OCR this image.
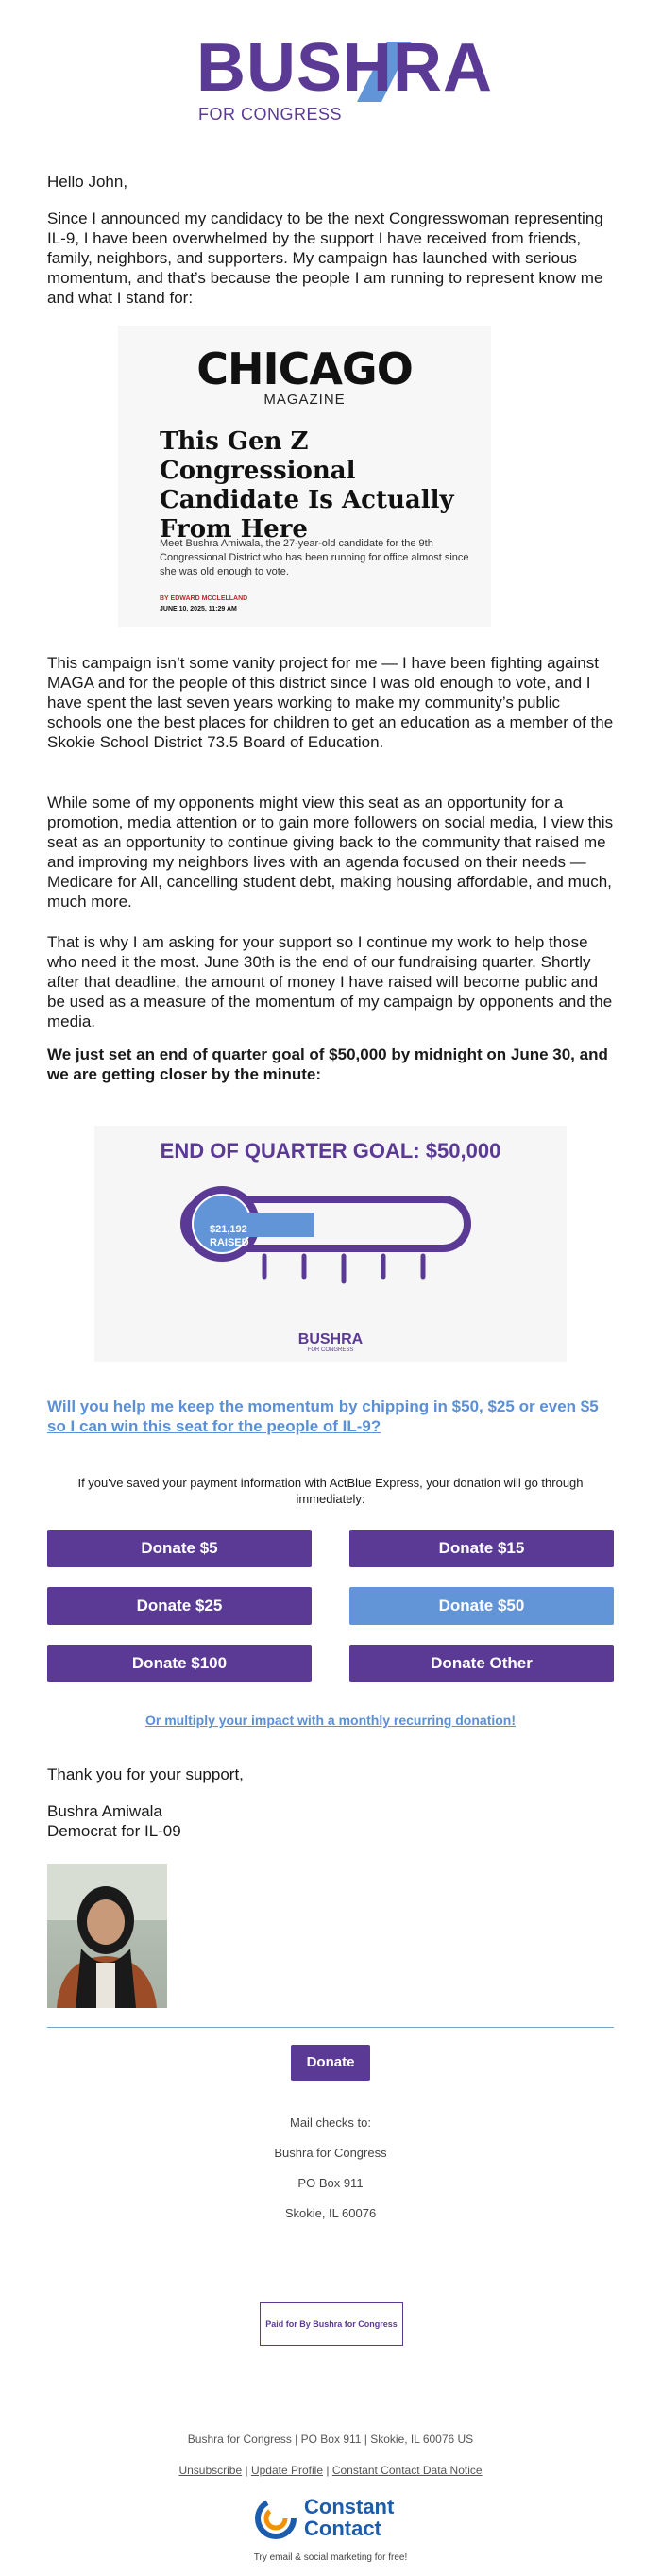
BUSHRA
FOR CONGRESS

Hello John,

Since I announced my candidacy to be the next Congresswoman representing IL-9, I have been overwhelmed by the support I have received from friends, family, neighbors, and supporters. My campaign has launched with serious momentum, and that’s because the people I am running to represent know me and what I stand for:

CHICAGO
MAGAZINE
This Gen Z Congressional Candidate Is Actually From Here
Meet Bushra Amiwala, the 27-year-old candidate for the 9th Congressional District who has been running for office almost since she was old enough to vote.
BY EDWARD MCCLELLAND
JUNE 10, 2025, 11:29 AM

This campaign isn’t some vanity project for me — I have been fighting against MAGA and for the people of this district since I was old enough to vote, and I have spent the last seven years working to make my community’s public schools one the best places for children to get an education as a member of the Skokie School District 73.5 Board of Education.

While some of my opponents might view this seat as an opportunity for a promotion, media attention or to gain more followers on social media, I view this seat as an opportunity to continue giving back to the community that raised me and improving my neighbors lives with an agenda focused on their needs — Medicare for All, cancelling student debt, making housing affordable, and much, much more.

That is why I am asking for your support so I continue my work to help those who need it the most. June 30th is the end of our fundraising quarter. Shortly after that deadline, the amount of money I have raised will become public and be used as a measure of the momentum of my campaign by opponents and the media.

We just set an end of quarter goal of $50,000 by midnight on June 30, and we are getting closer by the minute:

END OF QUARTER GOAL: $50,000
$21,192
RAISED
BUSHRA
FOR CONGRESS
Will you help me keep the momentum by chipping in $50, $25 or even $5 so I can win this seat for the people of IL-9?
If you've saved your payment information with ActBlue Express, your donation will go through immediately:
Donate $5	Donate $15
Donate $25	Donate $50
Donate $100	Donate Other
Or multiply your impact with a monthly recurring donation!

Thank you for your support,

Bushra Amiwala

Democrat for IL-09

Donate
Mail checks to:
Bushra for Congress
PO Box 911
Skokie, IL 60076
Paid for By Bushra for Congress
Bushra for Congress | PO Box 911 | Skokie, IL 60076 US
Unsubscribe | Update Profile | Constant Contact Data Notice
Constant
Contact
Try email & social marketing for free!
